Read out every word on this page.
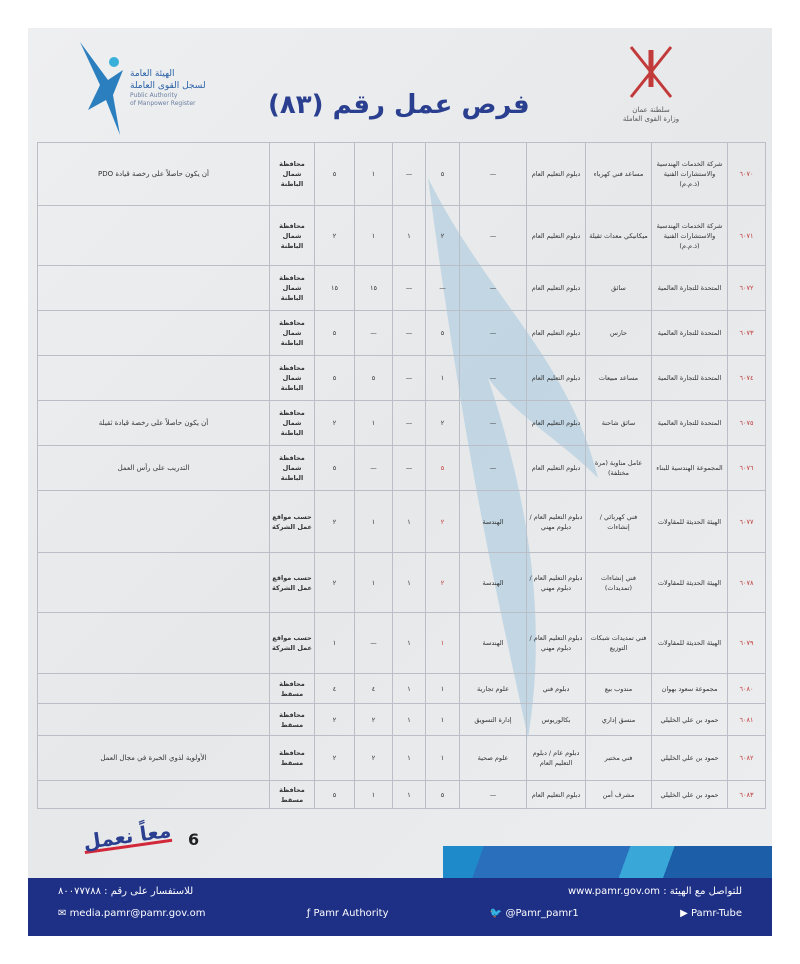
الهيئة العامة
لسجل القوى العاملة
Public Authority
of Manpower Register	فرص عمل رقم (٨٣)	سلطنة عمان
وزارة القوى العاملة
٦٠٧٠	شركة الخدمات الهندسية والاستشارات الفنية (ذ.م.م)	مساعد فني كهرباء	دبلوم التعليم العام	—	٥	—	١	٥	محافظة شمال الباطنة	أن يكون حاصلاً على رخصة قيادة PDO
٦٠٧١	شركة الخدمات الهندسية والاستشارات الفنية (ذ.م.م)	ميكانيكي معدات ثقيلة	دبلوم التعليم العام	—	٢	١	١	٢	محافظة شمال الباطنة	
٦٠٧٢	المتحدة للتجارة العالمية	سائق	دبلوم التعليم العام	—	—	—	١٥	١٥	محافظة شمال الباطنة	
٦٠٧٣	المتحدة للتجارة العالمية	حارس	دبلوم التعليم العام	—	٥	—	—	٥	محافظة شمال الباطنة	
٦٠٧٤	المتحدة للتجارة العالمية	مساعد مبيعات	دبلوم التعليم العام	—	١	—	٥	٥	محافظة شمال الباطنة	
٦٠٧٥	المتحدة للتجارة العالمية	سائق شاحنة	دبلوم التعليم العام	—	٢	—	١	٢	محافظة شمال الباطنة	أن يكون حاصلاً على رخصة قيادة ثقيلة
٦٠٧٦	المجموعة الهندسية للبناء	عامل مناوبة (مرة مختلفة)	دبلوم التعليم العام	—	٥	—	—	٥	محافظة شمال الباطنة	التدريب على رأس العمل
٦٠٧٧	الهيئة الحديثة للمقاولات	فني كهربائي / إنشاءات	دبلوم التعليم العام / دبلوم مهني	الهندسة	٢	١	١	٢	حسب مواقع عمل الشركة	
٦٠٧٨	الهيئة الحديثة للمقاولات	فني إنشاءات (تمديدات)	دبلوم التعليم العام / دبلوم مهني	الهندسة	٢	١	١	٢	حسب مواقع عمل الشركة	
٦٠٧٩	الهيئة الحديثة للمقاولات	فني تمديدات شبكات التوزيع	دبلوم التعليم العام / دبلوم مهني	الهندسة	١	١	—	١	حسب مواقع عمل الشركة	
٦٠٨٠	مجموعة سعود بهوان	مندوب بيع	دبلوم فني	علوم تجارية	١	١	٤	٤	محافظة مسقط	
٦٠٨١	حمود بن علي الخليلي	منسق إداري	بكالوريوس	إدارة التسويق	١	١	٢	٢	محافظة مسقط	
٦٠٨٢	حمود بن علي الخليلي	فني مختبر	دبلوم عام / دبلوم التعليم العام	علوم صحية	١	١	٢	٢	محافظة مسقط	الأولوية لذوي الخبرة في مجال العمل
٦٠٨٣	حمود بن علي الخليلي	مشرف أمن	دبلوم التعليم العام	—	٥	١	١	٥	محافظة مسقط	
معاً نعمل 6
للتواصل مع الهيئة : www.pamr.gov.om
للاستفسار على رقم : ٨٠٠٧٧٧٨٨
✉ media.pamr@pamr.gov.om	ƒ Pamr Authority	🐦 @Pamr_pamr1	▶ Pamr-Tube
